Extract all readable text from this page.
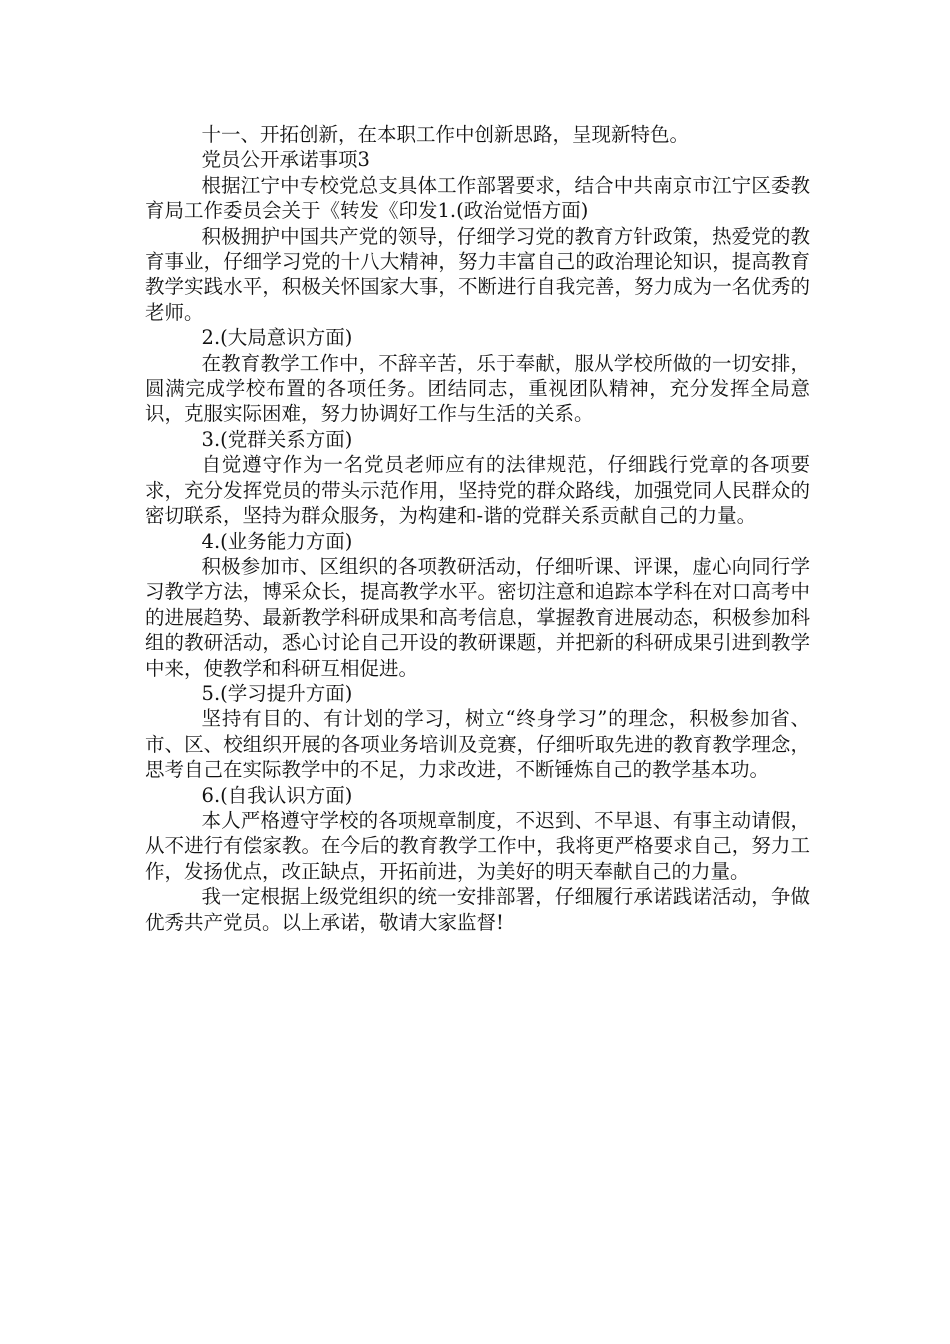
十一、开拓创新，在本职工作中创新思路，呈现新特色。

党员公开承诺事项3

根据江宁中专校党总支具体工作部署要求，结合中共南京市江宁区委教育局工作委员会关于《转发《印发1.(政治觉悟方面)

积极拥护中国共产党的领导，仔细学习党的教育方针政策，热爱党的教育事业，仔细学习党的十八大精神，努力丰富自己的政治理论知识，提高教育教学实践水平，积极关怀国家大事，不断进行自我完善，努力成为一名优秀的老师。

2.(大局意识方面)

在教育教学工作中，不辞辛苦，乐于奉献，服从学校所做的一切安排，圆满完成学校布置的各项任务。团结同志，重视团队精神，充分发挥全局意识，克服实际困难，努力协调好工作与生活的关系。

3.(党群关系方面)

自觉遵守作为一名党员老师应有的法律规范，仔细践行党章的各项要求，充分发挥党员的带头示范作用，坚持党的群众路线，加强党同人民群众的密切联系，坚持为群众服务，为构建和-谐的党群关系贡献自己的力量。

4.(业务能力方面)

积极参加市、区组织的各项教研活动，仔细听课、评课，虚心向同行学习教学方法，博采众长，提高教学水平。密切注意和追踪本学科在对口高考中的进展趋势、最新教学科研成果和高考信息，掌握教育进展动态，积极参加科组的教研活动，悉心讨论自己开设的教研课题，并把新的科研成果引进到教学中来，使教学和科研互相促进。

5.(学习提升方面)

坚持有目的、有计划的学习，树立“终身学习”的理念，积极参加省、市、区、校组织开展的各项业务培训及竞赛，仔细听取先进的教育教学理念，思考自己在实际教学中的不足，力求改进，不断锤炼自己的教学基本功。

6.(自我认识方面)

本人严格遵守学校的各项规章制度，不迟到、不早退、有事主动请假，从不进行有偿家教。在今后的教育教学工作中，我将更严格要求自己，努力工作，发扬优点，改正缺点，开拓前进，为美好的明天奉献自己的力量。

我一定根据上级党组织的统一安排部署，仔细履行承诺践诺活动，争做优秀共产党员。以上承诺，敬请大家监督!
